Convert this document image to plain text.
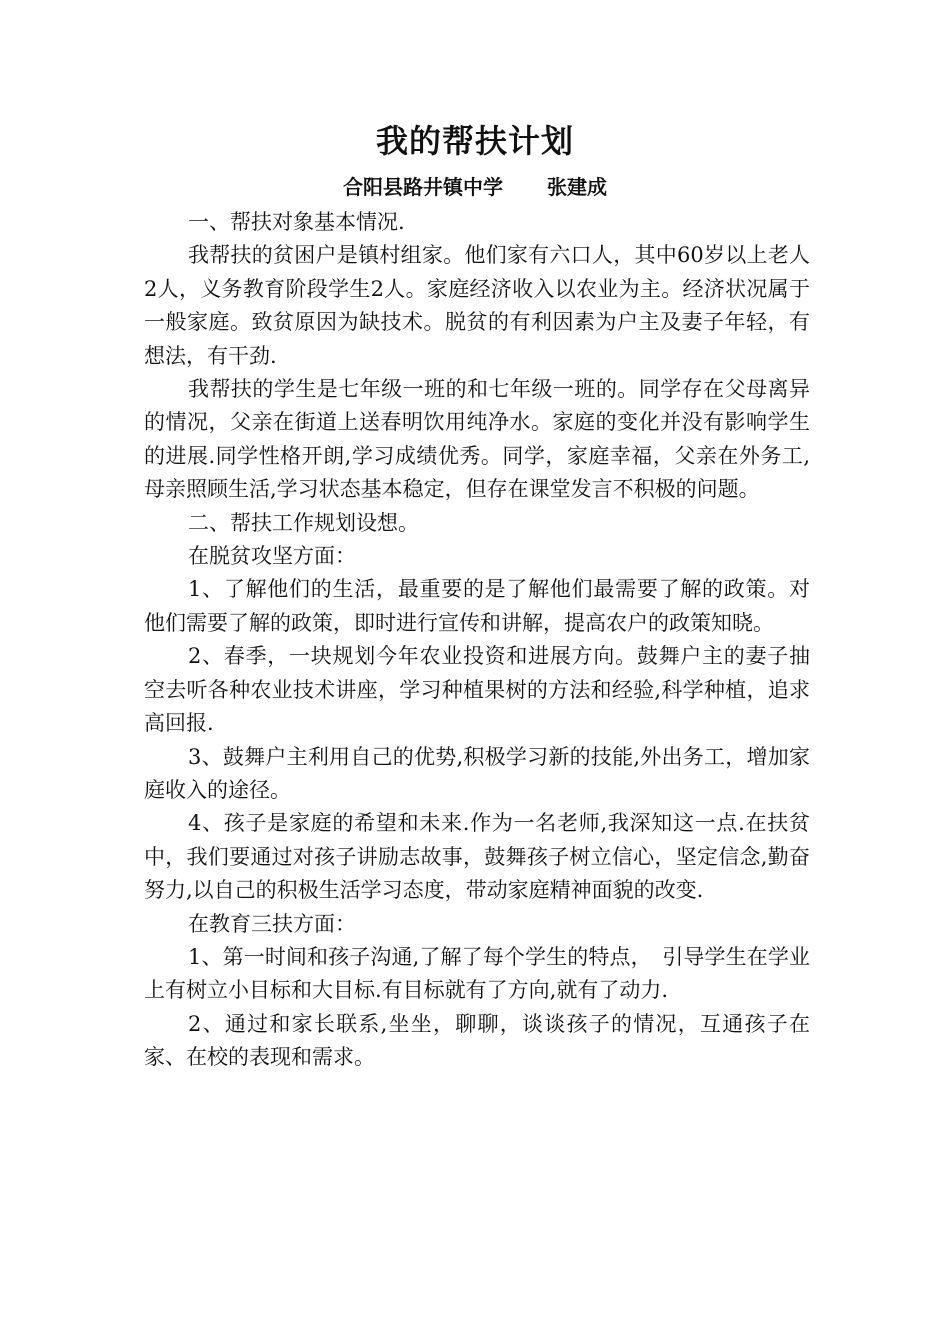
我的帮扶计划
合阳县路井镇中学 张建成

一、帮扶对象基本情况.

我帮扶的贫困户是镇村组家。他们家有六口人，其中60岁以上老人2人，义务教育阶段学生2人。家庭经济收入以农业为主。经济状况属于一般家庭。致贫原因为缺技术。脱贫的有利因素为户主及妻子年轻，有想法，有干劲.

我帮扶的学生是七年级一班的和七年级一班的。同学存在父母离异的情况，父亲在街道上送春明饮用纯净水。家庭的变化并没有影响学生的进展.同学性格开朗,学习成绩优秀。同学，家庭幸福，父亲在外务工,母亲照顾生活,学习状态基本稳定，但存在课堂发言不积极的问题。

二、帮扶工作规划设想。

在脱贫攻坚方面：

1、了解他们的生活，最重要的是了解他们最需要了解的政策。对他们需要了解的政策，即时进行宣传和讲解，提高农户的政策知晓。

2、春季，一块规划今年农业投资和进展方向。鼓舞户主的妻子抽空去听各种农业技术讲座，学习种植果树的方法和经验,科学种植，追求高回报.

3、鼓舞户主利用自己的优势,积极学习新的技能,外出务工，增加家庭收入的途径。

4、孩子是家庭的希望和未来.作为一名老师,我深知这一点.在扶贫中，我们要通过对孩子讲励志故事，鼓舞孩子树立信心，坚定信念,勤奋努力,以自己的积极生活学习态度，带动家庭精神面貌的改变.

在教育三扶方面：

1、第一时间和孩子沟通,了解了每个学生的特点，　引导学生在学业上有树立小目标和大目标.有目标就有了方向,就有了动力.

2、通过和家长联系,坐坐，聊聊，谈谈孩子的情况，互通孩子在家、在校的表现和需求。
